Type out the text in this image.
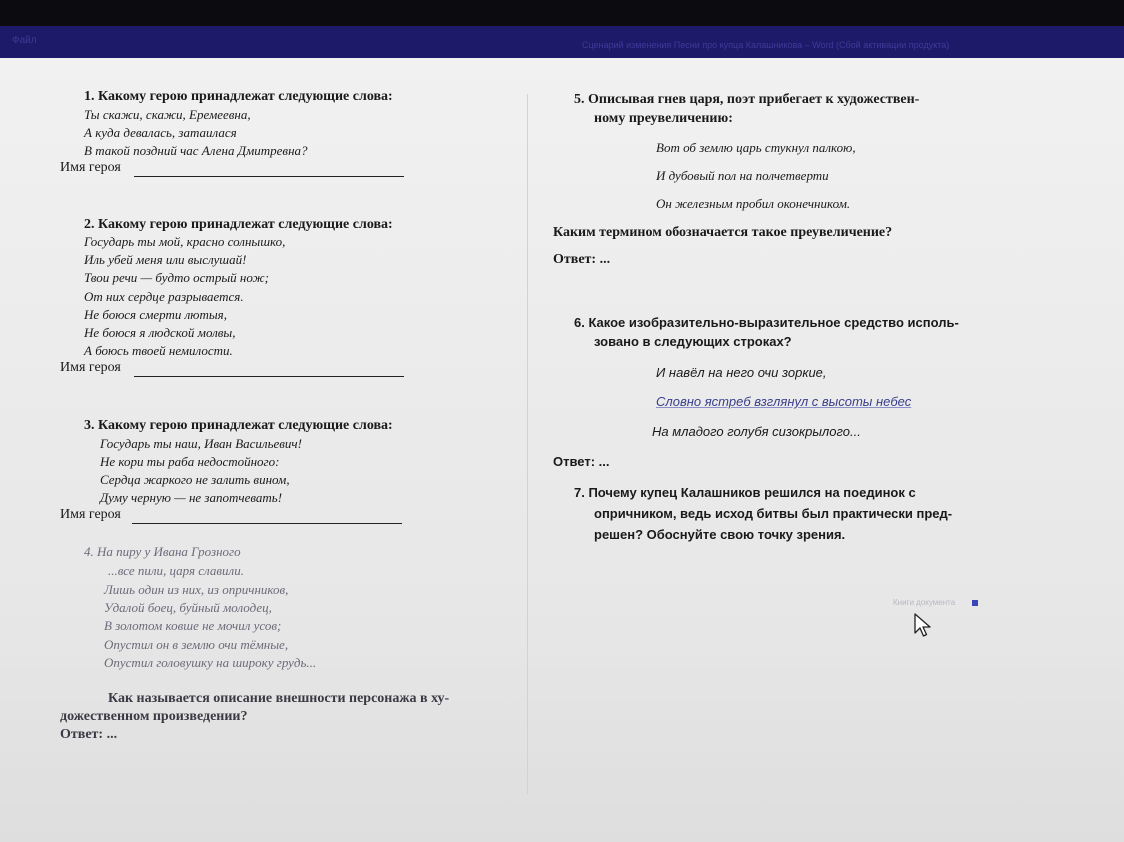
Файл	Сценарий изменения Песни про купца Калашникова – Word (Сбой активации продукта)
1. Какому герою принадлежат следующие слова:
Ты скажи, скажи, Еремеевна,
А куда девалась, затаилася
В такой поздний час Алена Дмитревна?
Имя героя
2. Какому герою принадлежат следующие слова:
Государь ты мой, красно солнышко,
Иль убей меня или выслушай!
Твои речи — будто острый нож;
От них сердце разрывается.
Не боюся смерти лютыя,
Не боюся я людской молвы,
А боюсь твоей немилости.
Имя героя
3. Какому герою принадлежат следующие слова:
Государь ты наш, Иван Васильевич!
Не кори ты раба недостойного:
Сердца жаркого не залить вином,
Думу черную — не запотчевать!
Имя героя
4. На пиру у Ивана Грозного
...все пили, царя славили.
Лишь один из них, из опричников,
Удалой боец, буйный молодец,
В золотом ковше не мочил усов;
Опустил он в землю очи тёмные,
Опустил головушку на широку грудь...
Как называется описание внешности персонажа в ху-
дожественном произведении?
Ответ: ...
5. Описывая гнев царя, поэт прибегает к художествен-
ному преувеличению:
Вот об землю царь стукнул палкою,
И дубовый пол на полчетверти
Он железным пробил оконечником.
Каким термином обозначается такое преувеличение?
Ответ: ...
6. Какое изобразительно-выразительное средство исполь-
зовано в следующих строках?
И навёл на него очи зоркие,
Словно ястреб взглянул с высоты небес
На младого голубя сизокрылого...
Ответ: ...
7. Почему купец Калашников решился на поединок с
опричником, ведь исход битвы был практически пред-
решен? Обоснуйте свою точку зрения.
Книги документа
